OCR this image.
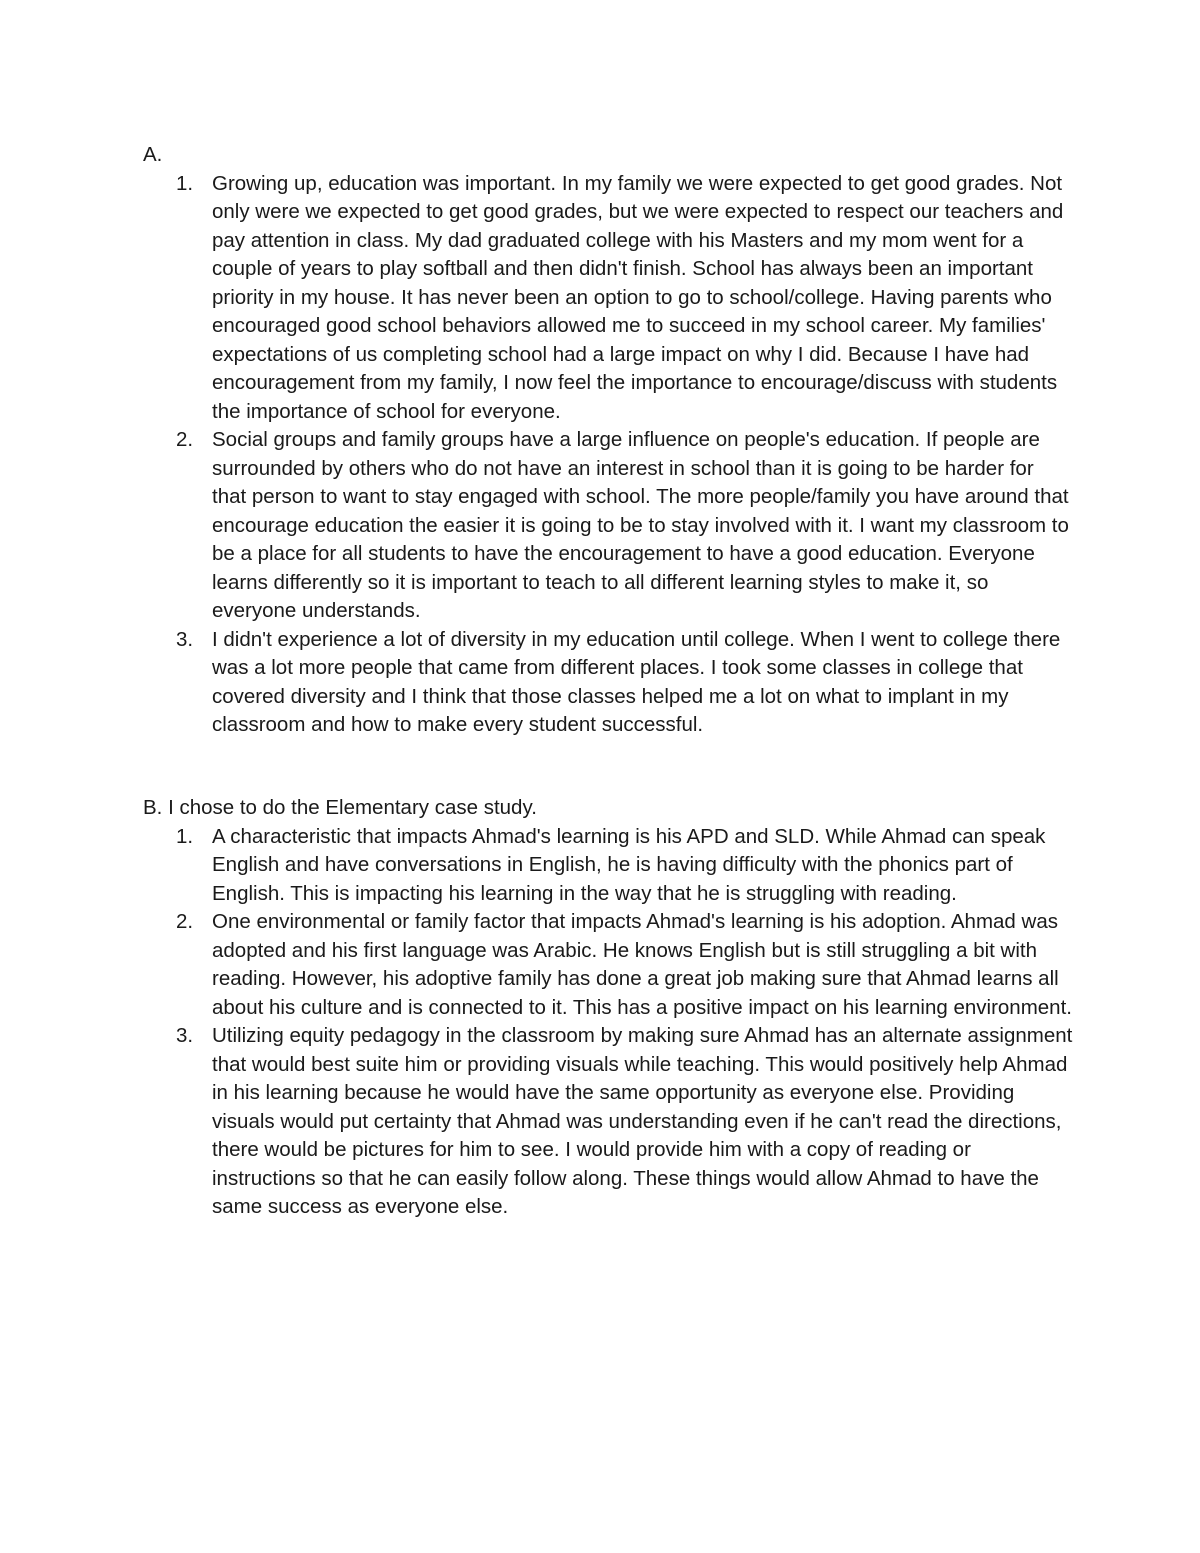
A.

1. Growing up, education was important. In my family we were expected to get good grades. Not only were we expected to get good grades, but we were expected to respect our teachers and pay attention in class. My dad graduated college with his Masters and my mom went for a couple of years to play softball and then didn't finish. School has always been an important priority in my house. It has never been an option to go to school/college. Having parents who encouraged good school behaviors allowed me to succeed in my school career. My families' expectations of us completing school had a large impact on why I did. Because I have had encouragement from my family, I now feel the importance to encourage/discuss with students the importance of school for everyone.
2. Social groups and family groups have a large influence on people's education. If people are surrounded by others who do not have an interest in school than it is going to be harder for that person to want to stay engaged with school. The more people/family you have around that encourage education the easier it is going to be to stay involved with it. I want my classroom to be a place for all students to have the encouragement to have a good education. Everyone learns differently so it is important to teach to all different learning styles to make it, so everyone understands.
3. I didn't experience a lot of diversity in my education until college. When I went to college there was a lot more people that came from different places. I took some classes in college that covered diversity and I think that those classes helped me a lot on what to implant in my classroom and how to make every student successful.

B. I chose to do the Elementary case study.

1. A characteristic that impacts Ahmad's learning is his APD and SLD. While Ahmad can speak English and have conversations in English, he is having difficulty with the phonics part of English. This is impacting his learning in the way that he is struggling with reading.
2. One environmental or family factor that impacts Ahmad's learning is his adoption. Ahmad was adopted and his first language was Arabic. He knows English but is still struggling a bit with reading. However, his adoptive family has done a great job making sure that Ahmad learns all about his culture and is connected to it. This has a positive impact on his learning environment.
3. Utilizing equity pedagogy in the classroom by making sure Ahmad has an alternate assignment that would best suite him or providing visuals while teaching. This would positively help Ahmad in his learning because he would have the same opportunity as everyone else. Providing visuals would put certainty that Ahmad was understanding even if he can't read the directions, there would be pictures for him to see. I would provide him with a copy of reading or instructions so that he can easily follow along. These things would allow Ahmad to have the same success as everyone else.
